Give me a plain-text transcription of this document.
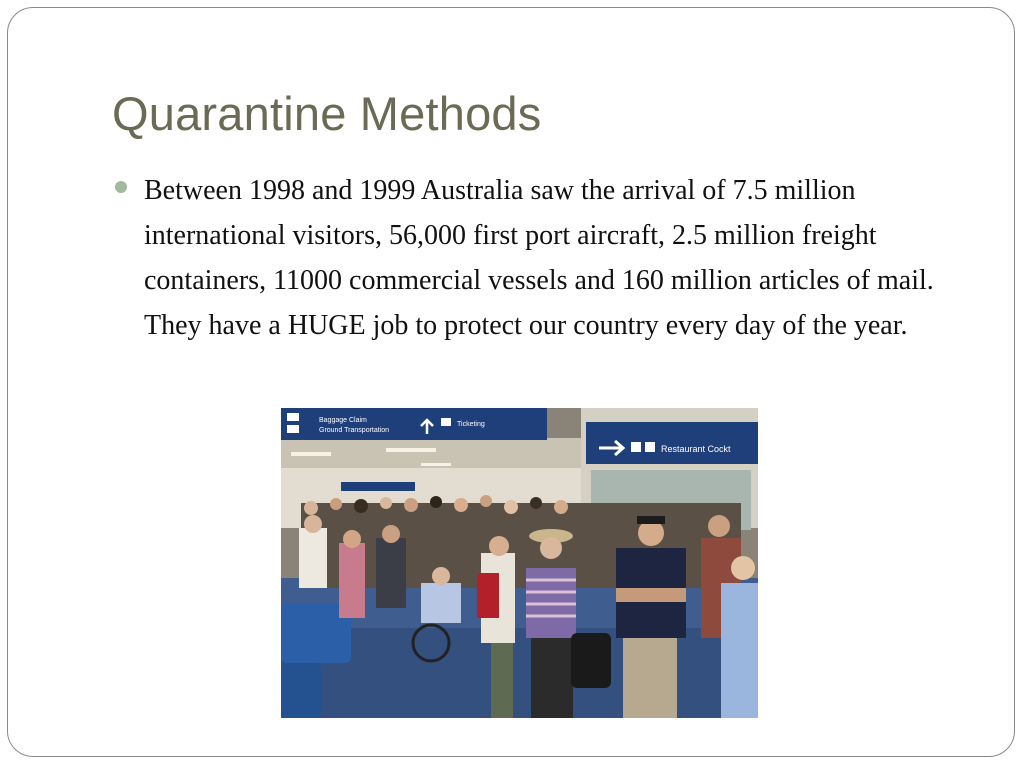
Quarantine Methods
Between 1998 and 1999 Australia saw the arrival of 7.5 million international visitors, 56,000 first port aircraft, 2.5 million freight containers, 11000 commercial vessels and 160 million articles of mail. They have a HUGE job to protect our country every day of the year.
Baggage Claim
Ground Transportation
Ticketing
Restaurant Cockt
